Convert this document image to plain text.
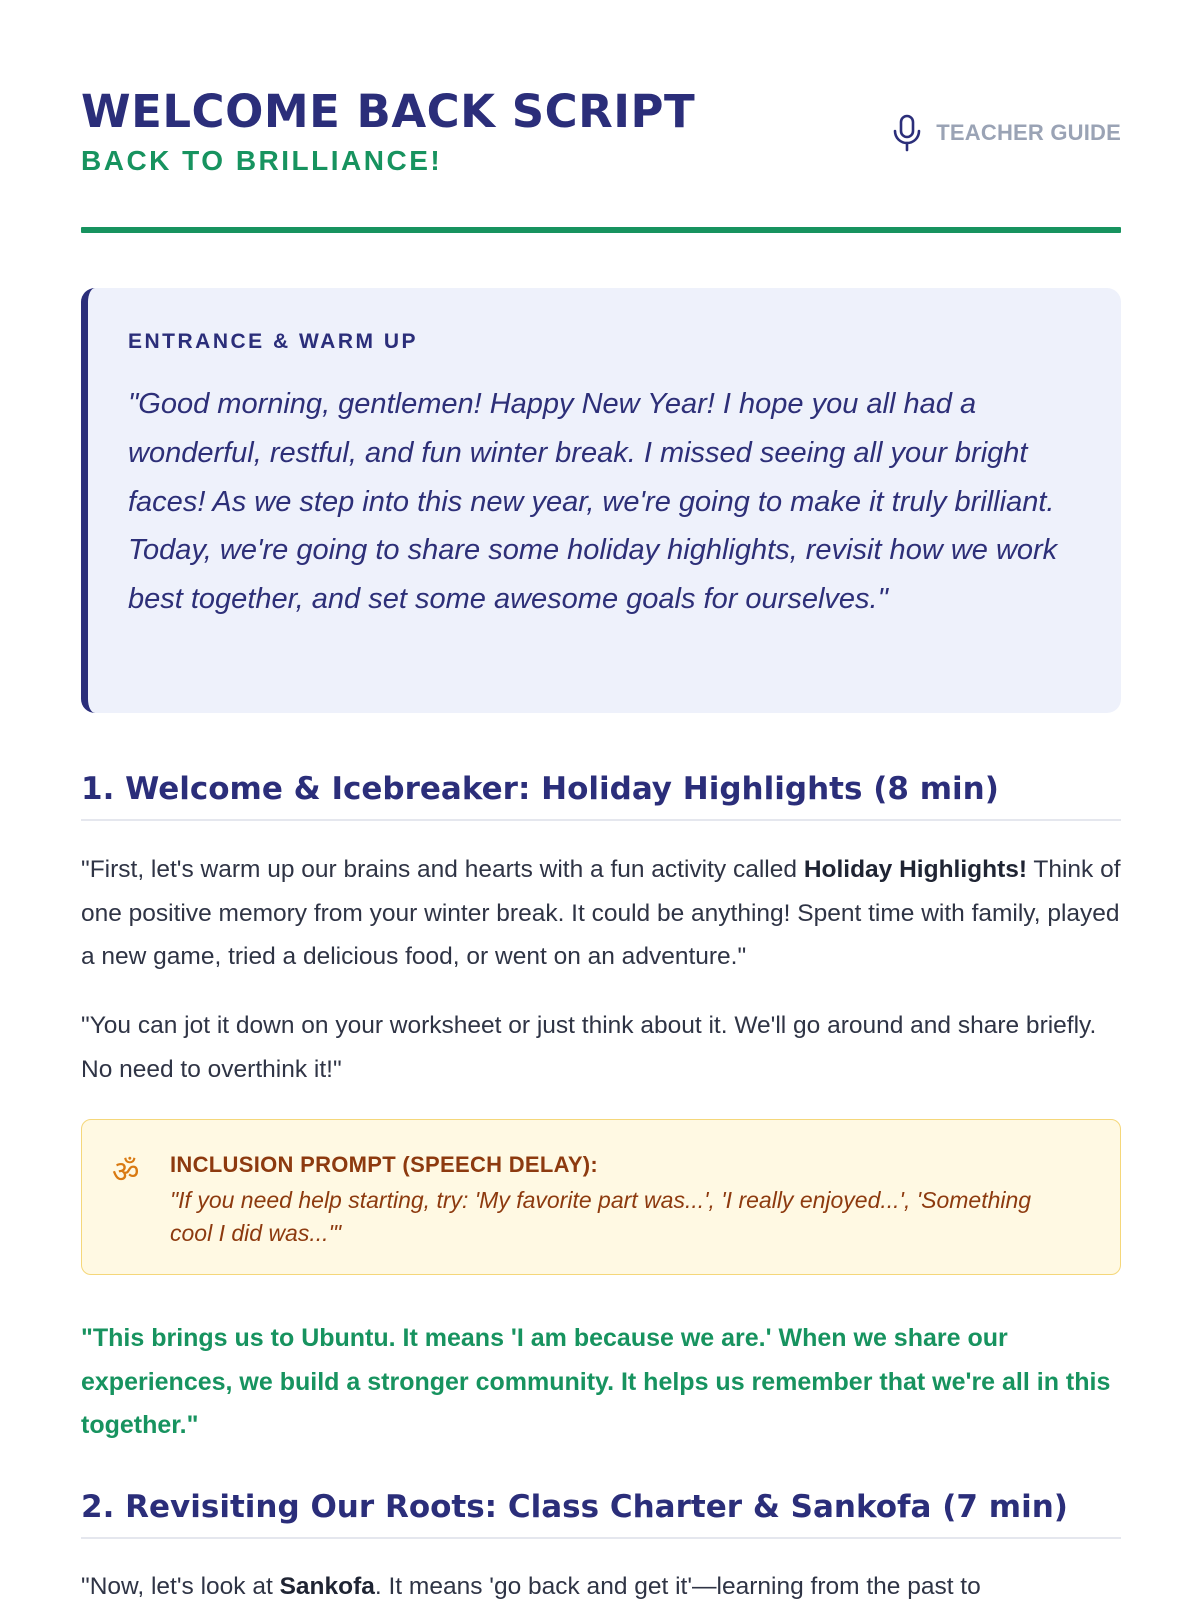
WELCOME BACK SCRIPT
BACK TO BRILLIANCE!
TEACHER GUIDE
ENTRANCE & WARM UP

"Good morning, gentlemen! Happy New Year! I hope you all had a wonderful, restful, and fun winter break. I missed seeing all your bright faces! As we step into this new year, we're going to make it truly brilliant. Today, we're going to share some holiday highlights, revisit how we work best together, and set some awesome goals for ourselves."

1. Welcome & Icebreaker: Holiday Highlights (8 min)

"First, let's warm up our brains and hearts with a fun activity called Holiday Highlights! Think of one positive memory from your winter break. It could be anything! Spent time with family, played a new game, tried a delicious food, or went on an adventure."

"You can jot it down on your worksheet or just think about it. We'll go around and share briefly. No need to overthink it!"

ॐ INCLUSION PROMPT (SPEECH DELAY):

"If you need help starting, try: 'My favorite part was...', 'I really enjoyed...', 'Something cool I did was...'"

"This brings us to Ubuntu. It means 'I am because we are.' When we share our experiences, we build a stronger community. It helps us remember that we're all in this together."

2. Revisiting Our Roots: Class Charter & Sankofa (7 min)

"Now, let's look at Sankofa. It means 'go back and get it'—learning from the past to
